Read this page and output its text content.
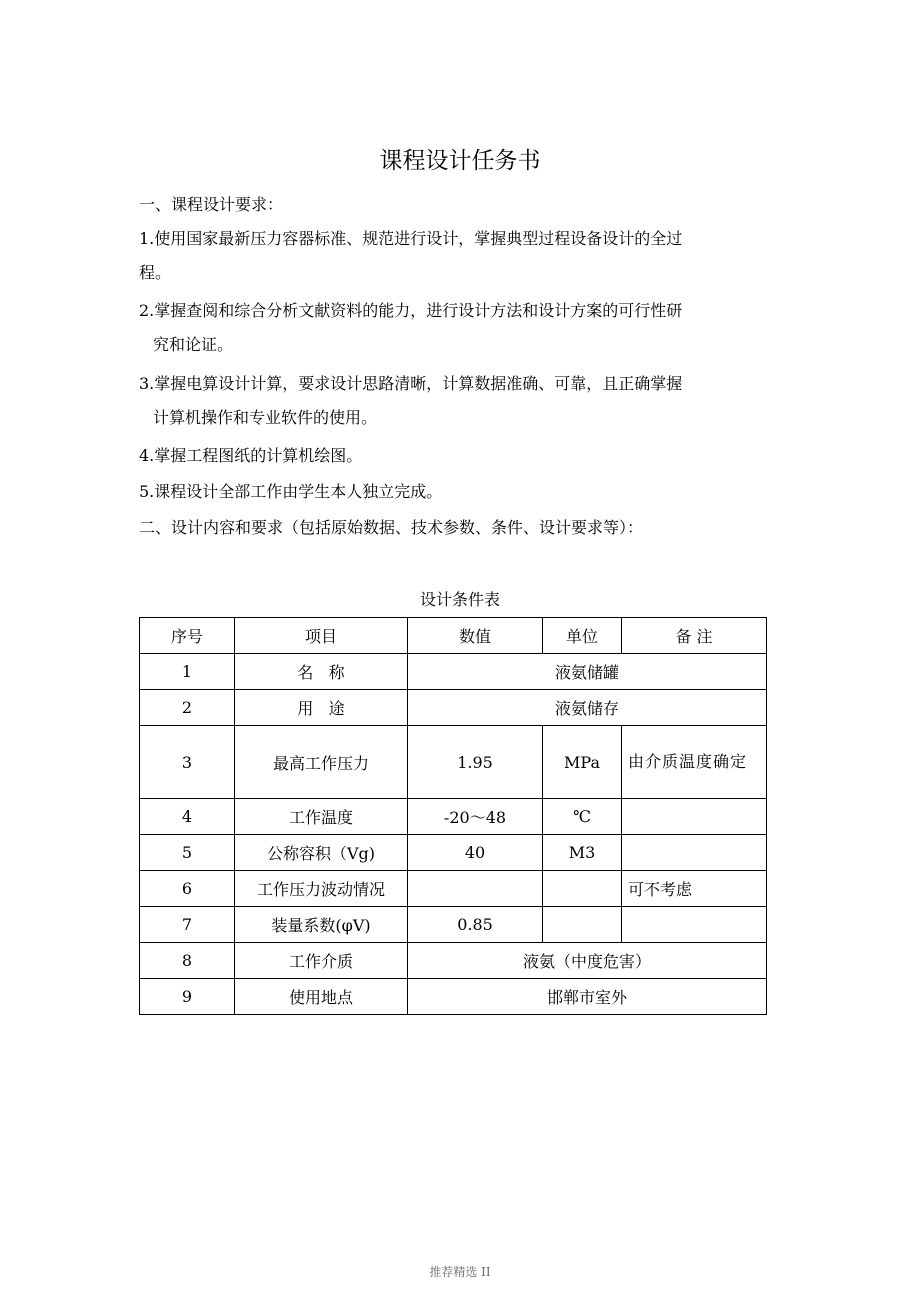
课程设计任务书

一、课程设计要求：

1.使用国家最新压力容器标准、规范进行设计，掌握典型过程设备设计的全过
程。

2.掌握查阅和综合分析文献资料的能力，进行设计方法和设计方案的可行性研
究和论证。

3.掌握电算设计计算，要求设计思路清晰，计算数据准确、可靠，且正确掌握
计算机操作和专业软件的使用。

4.掌握工程图纸的计算机绘图。

5.课程设计全部工作由学生本人独立完成。

二、设计内容和要求（包括原始数据、技术参数、条件、设计要求等）：

设计条件表
序号	项目	数值	单位	备 注
1	名   称	液氨储罐		
2	用   途	液氨储存		
3	最高工作压力	1.95	MPa	由介质温度确定
4	工作温度	-20～48	℃	
5	公称容积（Vg)	40	M3	
6	工作压力波动情况			可不考虑
7	装量系数(φV)	0.85		
8	工作介质	液氨（中度危害）		
9	使用地点	邯郸市室外		
推荐精选 II
